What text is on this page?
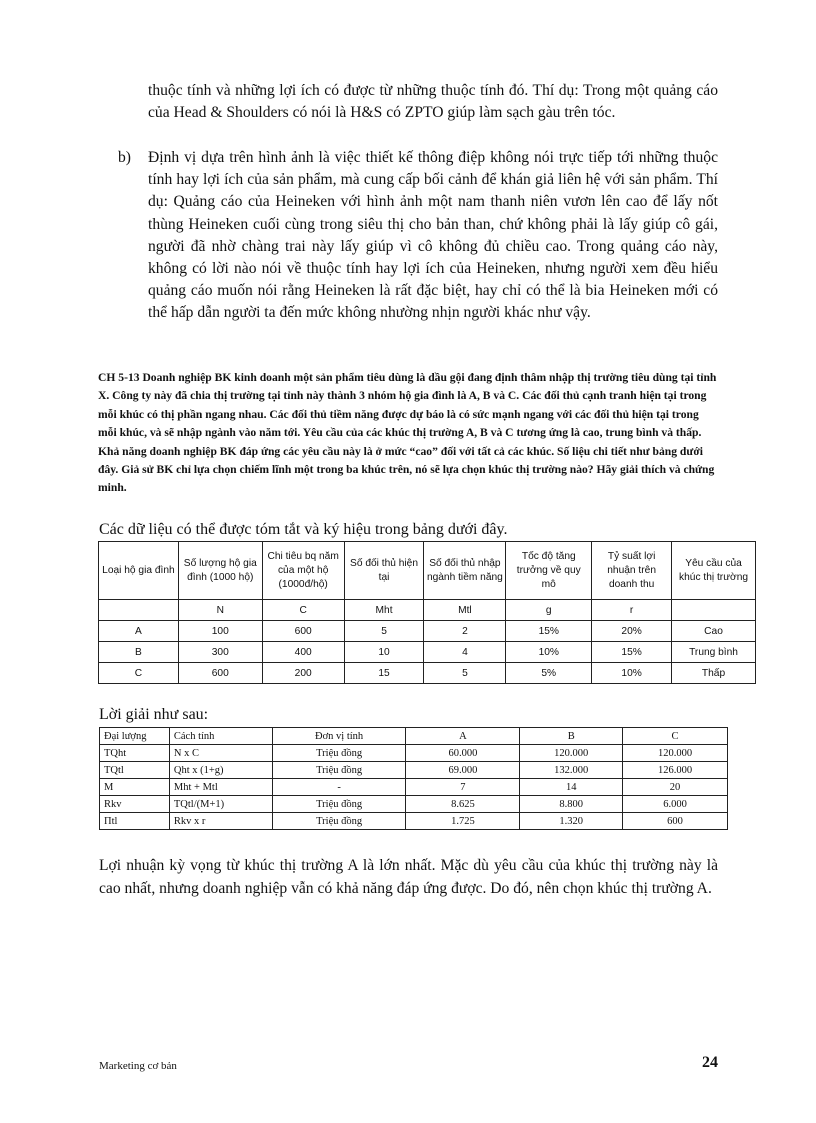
thuộc tính và những lợi ích có được từ những thuộc tính đó. Thí dụ: Trong một quảng cáo của Head & Shoulders có nói là H&S có ZPTO giúp làm sạch gàu trên tóc.

b) Định vị dựa trên hình ảnh là việc thiết kế thông điệp không nói trực tiếp tới những thuộc tính hay lợi ích của sản phẩm, mà cung cấp bối cảnh để khán giả liên hệ với sản phẩm. Thí dụ: Quảng cáo của Heineken với hình ảnh một nam thanh niên vươn lên cao để lấy nốt thùng Heineken cuối cùng trong siêu thị cho bản than, chứ không phải là lấy giúp cô gái, người đã nhờ chàng trai này lấy giúp vì cô không đủ chiều cao. Trong quảng cáo này, không có lời nào nói về thuộc tính hay lợi ích của Heineken, nhưng người xem đều hiểu quảng cáo muốn nói rằng Heineken là rất đặc biệt, hay chỉ có thể là bia Heineken mới có thể hấp dẫn người ta đến mức không nhường nhịn người khác như vậy.

CH 5-13 Doanh nghiệp BK kinh doanh một sản phẩm tiêu dùng là dầu gội đang định thâm nhập thị trường tiêu dùng tại tỉnh X. Công ty này đã chia thị trường tại tỉnh này thành 3 nhóm hộ gia đình là A, B và C. Các đối thủ cạnh tranh hiện tại trong mỗi khúc có thị phần ngang nhau. Các đối thủ tiềm năng được dự báo là có sức mạnh ngang với các đối thủ hiện tại trong mỗi khúc, và sẽ nhập ngành vào năm tới. Yêu cầu của các khúc thị trường A, B và C tương ứng là cao, trung bình và thấp. Khả năng doanh nghiệp BK đáp ứng các yêu cầu này là ở mức “cao” đối với tất cả các khúc. Số liệu chi tiết như bảng dưới đây. Giả sử BK chỉ lựa chọn chiếm lĩnh một trong ba khúc trên, nó sẽ lựa chọn khúc thị trường nào? Hãy giải thích và chứng minh.

Các dữ liệu có thể được tóm tắt và ký hiệu trong bảng dưới đây.

Loại hộ gia đình	Số lượng hộ gia đình (1000 hộ)	Chi tiêu bq năm của một hộ (1000đ/hộ)	Số đối thủ hiện tại	Số đối thủ nhập ngành tiềm năng	Tốc độ tăng trưởng về quy mô	Tỷ suất lợi nhuận trên doanh thu	Yêu cầu của khúc thị trường
	N	C	Mht	Mtl	g	r	
A	100	600	5	2	15%	20%	Cao
B	300	400	10	4	10%	15%	Trung bình
C	600	200	15	5	5%	10%	Thấp

Lời giải như sau:

Đại lượng	Cách tính	Đơn vị tính	A	B	C
TQht	N x C	Triệu đồng	60.000	120.000	120.000
TQtl	Qht x (1+g)	Triệu đồng	69.000	132.000	126.000
M	Mht + Mtl	-	7	14	20
Rkv	TQtl/(M+1)	Triệu đồng	8.625	8.800	6.000
Πtl	Rkv x r	Triệu đồng	1.725	1.320	600

Lợi nhuận kỳ vọng từ khúc thị trường A là lớn nhất. Mặc dù yêu cầu của khúc thị trường này là cao nhất, nhưng doanh nghiệp vẫn có khả năng đáp ứng được. Do đó, nên chọn khúc thị trường A.

Marketing cơ bản	24
